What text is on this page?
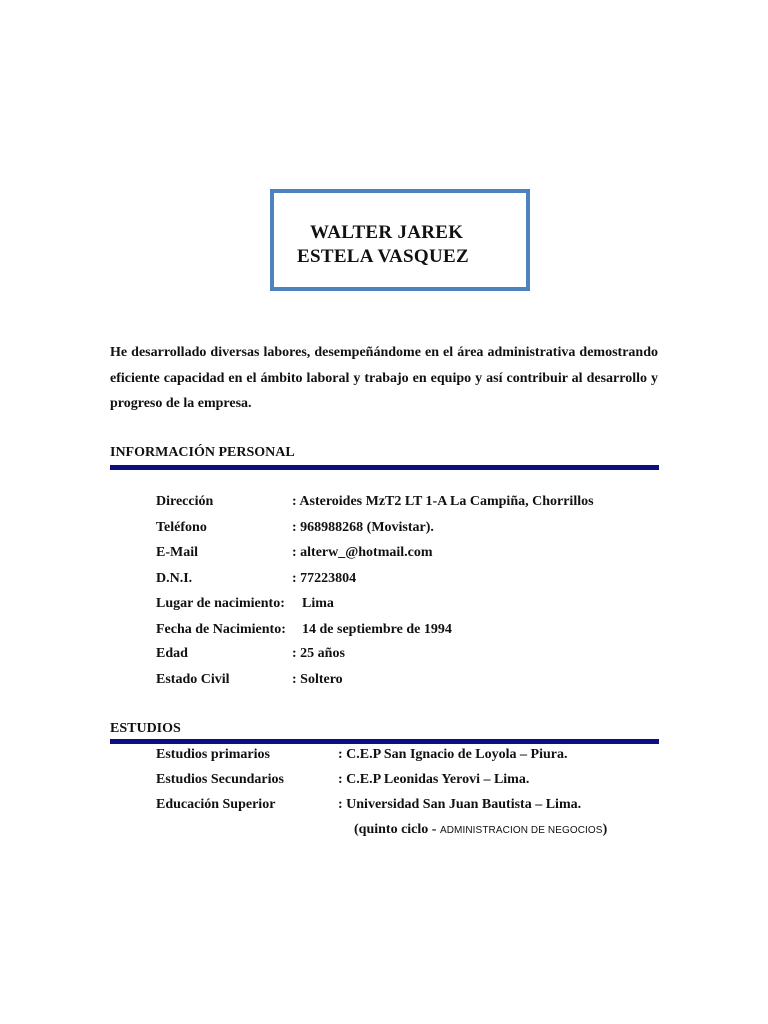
WALTER JAREK
ESTELA VASQUEZ
He desarrollado diversas labores, desempeñándome en el área administrativa demostrando eficiente capacidad en el ámbito laboral y trabajo en equipo y así contribuir al desarrollo y progreso de la empresa.
INFORMACIÓN PERSONAL
Dirección	: Asteroides MzT2 LT 1-A La Campiña, Chorrillos
Teléfono	: 968988268 (Movistar).
E-Mail	: alterw_@hotmail.com
D.N.I.	: 77223804
Lugar de nacimiento: Lima
Fecha de Nacimiento: 14 de septiembre de 1994
Edad	: 25 años
Estado Civil	: Soltero
ESTUDIOS
Estudios primarios	: C.E.P San Ignacio de Loyola – Piura.
Estudios Secundarios	: C.E.P Leonidas Yerovi – Lima.
Educación Superior	: Universidad San Juan Bautista – Lima.
(quinto ciclo - ADMINISTRACION DE NEGOCIOS)
